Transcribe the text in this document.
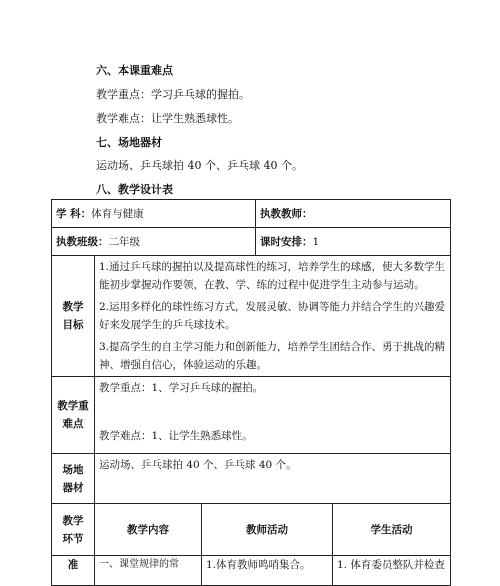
六、本课重难点
教学重点：学习乒乓球的握拍。
教学难点：让学生熟悉球性。
七、场地器材
运动场、乒乓球拍 40 个、乒乓球 40 个。
八、教学设计表
学 科：体育与健康			执教教师：	
执教班级：二年级			课时安排：1	

教学
目标	1.通过乒乓球的握拍以及提高球性的练习，培养学生的球感，使大多数学生能初步掌握动作要领，在教、学、练的过程中促进学生主动参与运动。
2.运用多样化的球性练习方式，发展灵敏、协调等能力并结合学生的兴趣爱好来发展学生的乒乓球技术。
3.提高学生的自主学习能力和创新能力，培养学生团结合作、勇于挑战的精神、增强自信心，体验运动的乐趣。			

教学重
难点	教学重点：1、学习乒乓球的握拍。
教学难点：1、让学生熟悉球性。			

场地
器材	运动场、乒乓球拍 40 个、乒乓球 40 个。			

教学
环节	教学内容	教师活动		学生活动
准	一、课堂规律的常	1.体育教师鸣哨集合。		1. 体育委员整队并检查
